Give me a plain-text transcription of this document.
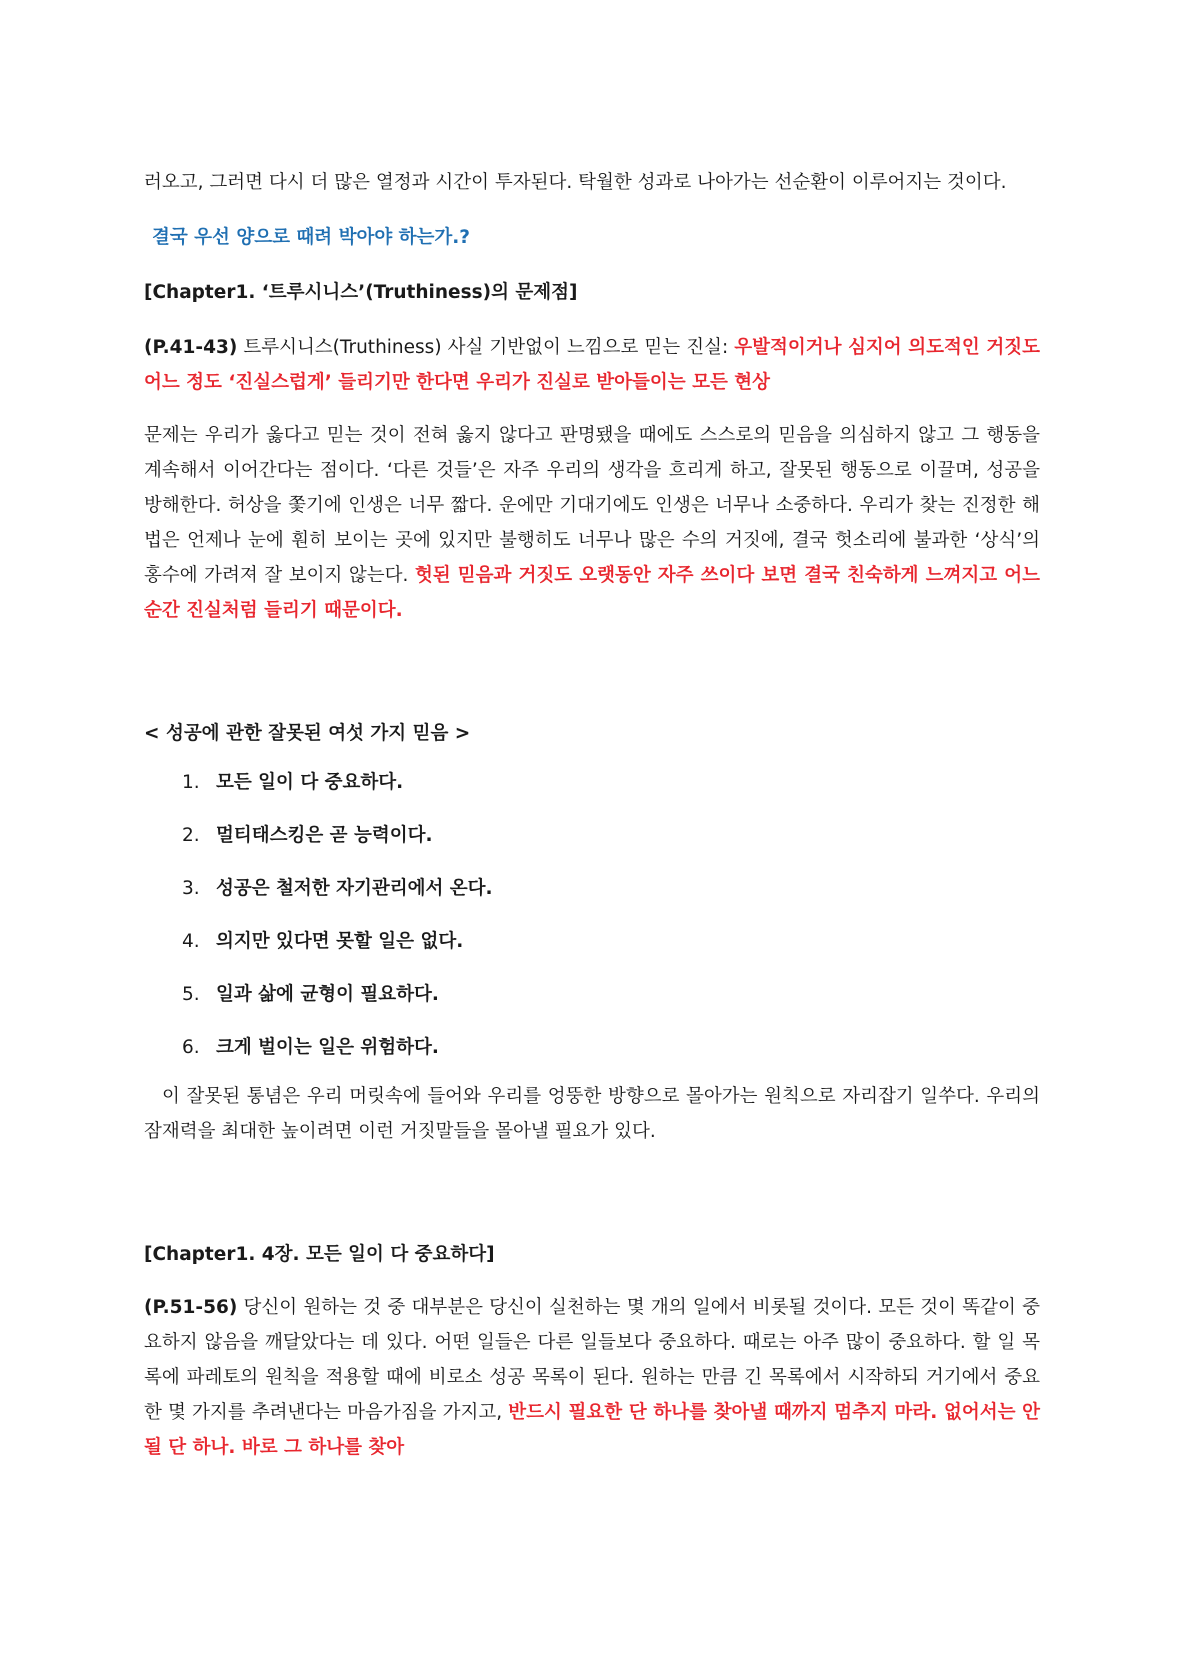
러오고, 그러면 다시 더 많은 열정과 시간이 투자된다. 탁월한 성과로 나아가는 선순환이 이루어지는 것이다.

결국 우선 양으로 때려 박아야 하는가.?

[Chapter1. ‘트루시니스’(Truthiness)의 문제점]

(P.41-43) 트루시니스(Truthiness) 사실 기반없이 느낌으로 믿는 진실: 우발적이거나 심지어 의도적인 거짓도 어느 정도 ‘진실스럽게’ 들리기만 한다면 우리가 진실로 받아들이는 모든 현상

문제는 우리가 옳다고 믿는 것이 전혀 옳지 않다고 판명됐을 때에도 스스로의 믿음을 의심하지 않고 그 행동을 계속해서 이어간다는 점이다. ‘다른 것들’은 자주 우리의 생각을 흐리게 하고, 잘못된 행동으로 이끌며, 성공을 방해한다. 허상을 쫓기에 인생은 너무 짧다. 운에만 기대기에도 인생은 너무나 소중하다. 우리가 찾는 진정한 해법은 언제나 눈에 훤히 보이는 곳에 있지만 불행히도 너무나 많은 수의 거짓에, 결국 헛소리에 불과한 ‘상식’의 홍수에 가려져 잘 보이지 않는다. 헛된 믿음과 거짓도 오랫동안 자주 쓰이다 보면 결국 친숙하게 느껴지고 어느 순간 진실처럼 들리기 때문이다.

< 성공에 관한 잘못된 여섯 가지 믿음 >

1. 모든 일이 다 중요하다.
2. 멀티태스킹은 곧 능력이다.
3. 성공은 철저한 자기관리에서 온다.
4. 의지만 있다면 못할 일은 없다.
5. 일과 삶에 균형이 필요하다.
6. 크게 벌이는 일은 위험하다.

이 잘못된 통념은 우리 머릿속에 들어와 우리를 엉뚱한 방향으로 몰아가는 원칙으로 자리잡기 일쑤다. 우리의 잠재력을 최대한 높이려면 이런 거짓말들을 몰아낼 필요가 있다.

[Chapter1. 4장. 모든 일이 다 중요하다]

(P.51-56) 당신이 원하는 것 중 대부분은 당신이 실천하는 몇 개의 일에서 비롯될 것이다. 모든 것이 똑같이 중요하지 않음을 깨달았다는 데 있다. 어떤 일들은 다른 일들보다 중요하다. 때로는 아주 많이 중요하다. 할 일 목록에 파레토의 원칙을 적용할 때에 비로소 성공 목록이 된다. 원하는 만큼 긴 목록에서 시작하되 거기에서 중요한 몇 가지를 추려낸다는 마음가짐을 가지고, 반드시 필요한 단 하나를 찾아낼 때까지 멈추지 마라. 없어서는 안 될 단 하나. 바로 그 하나를 찾아
